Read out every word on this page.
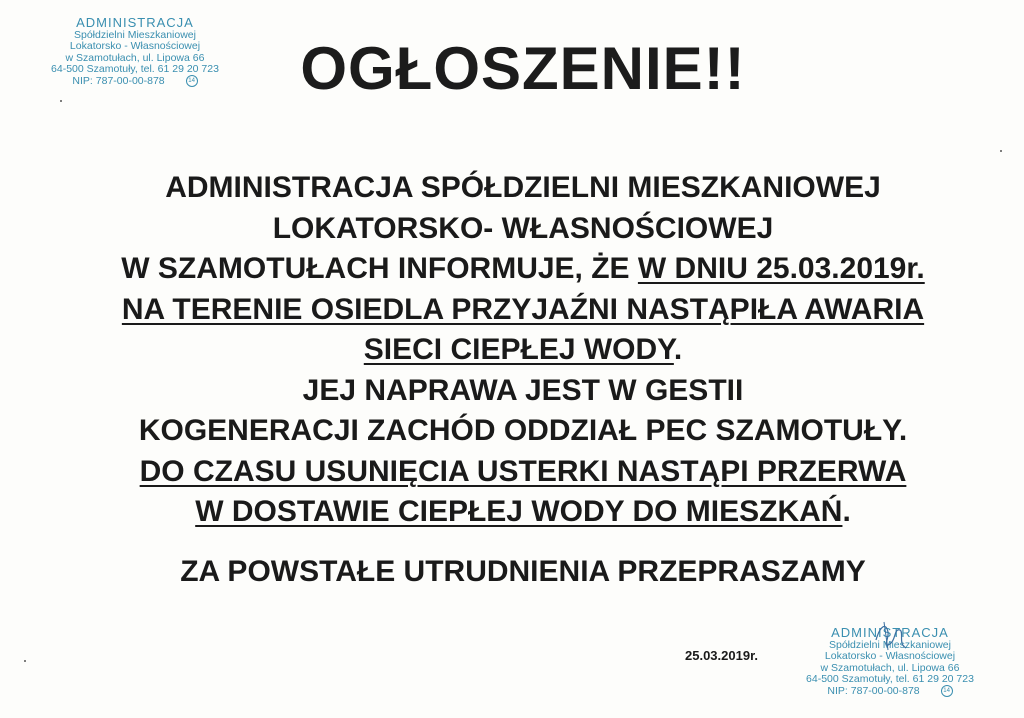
ADMINISTRACJA
Spółdzielni Mieszkaniowej
Lokatorsko - Własnościowej
w Szamotułach, ul. Lipowa 66
64-500 Szamotuły, tel. 61 29 20 723
NIP: 787-00-00-878	14	OGŁOSZENIE!!
ADMINISTRACJA SPÓŁDZIELNI MIESZKANIOWEJ
LOKATORSKO- WŁASNOŚCIOWEJ
W SZAMOTUŁACH INFORMUJE, ŻE W DNIU 25.03.2019r.
NA TERENIE OSIEDLA PRZYJAŹNI NASTĄPIŁA AWARIA
SIECI CIEPŁEJ WODY.
JEJ NAPRAWA JEST W GESTII
KOGENERACJI ZACHÓD ODDZIAŁ PEC SZAMOTUŁY.
DO CZASU USUNIĘCIA USTERKI NASTĄPI PRZERWA
W DOSTAWIE CIEPŁEJ WODY DO MIESZKAŃ.
ZA POWSTAŁE UTRUDNIENIA PRZEPRASZAMY
25.03.2019r.
ADMINISTRACJA
Spółdzielni Mieszkaniowej
Lokatorsko - Własnościowej
w Szamotułach, ul. Lipowa 66
64-500 Szamotuły, tel. 61 29 20 723
NIP: 787-00-00-878	14
